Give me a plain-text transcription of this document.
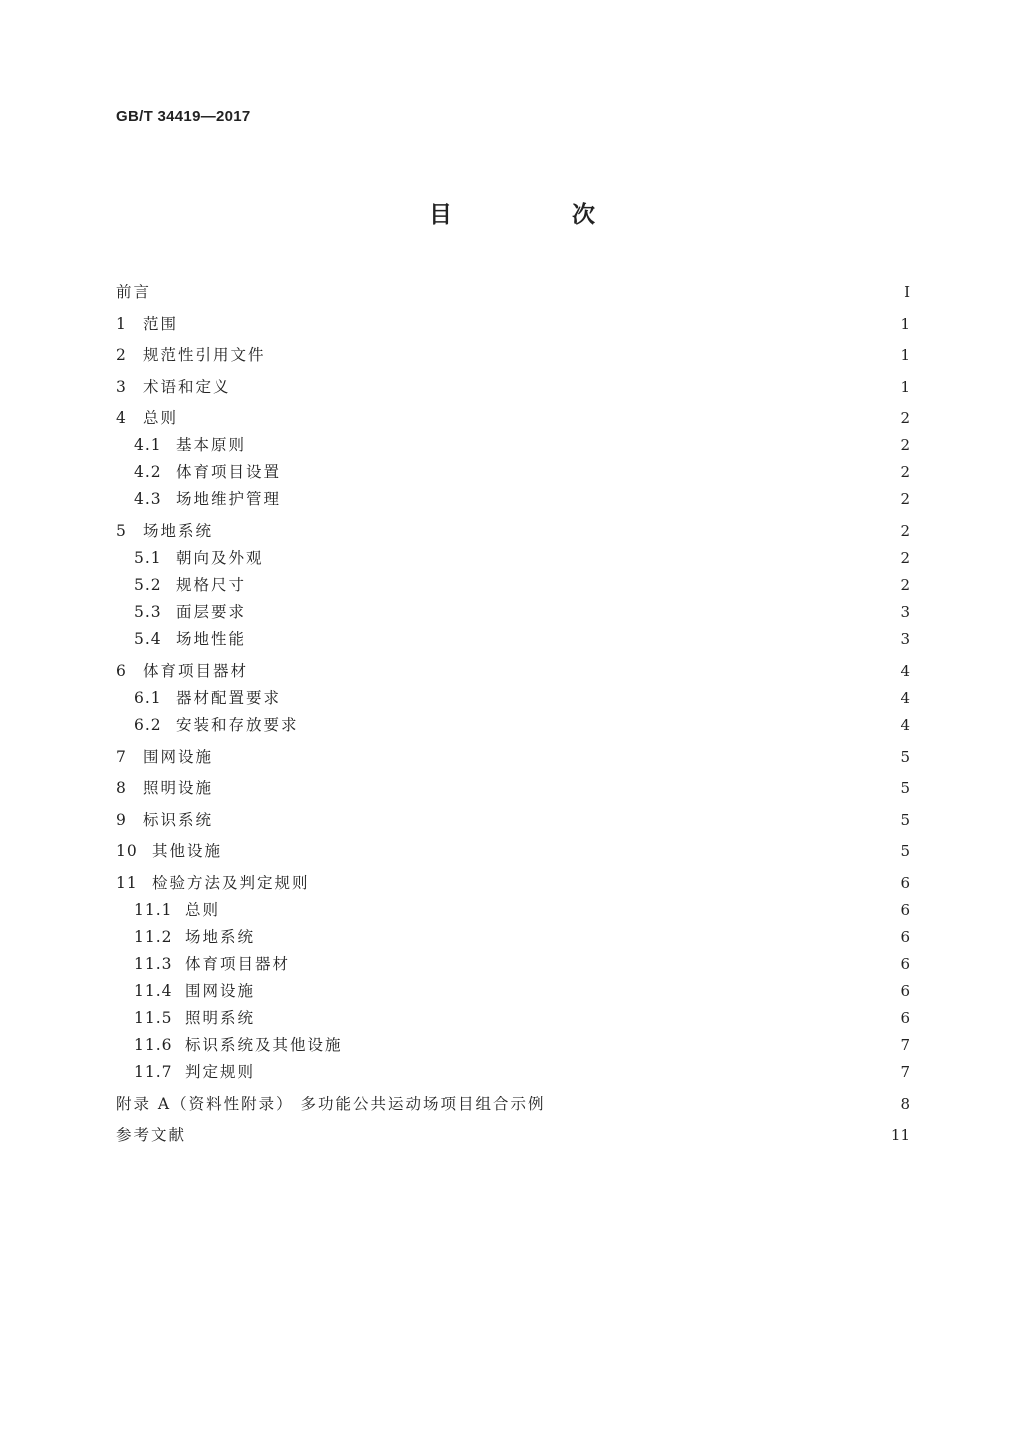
GB/T 34419—2017
目 次
前言	Ⅰ
1	范围	1
2	规范性引用文件	1
3	术语和定义	1
4	总则	2
4.1 基本原则	2
4.2 体育项目设置	2
4.3 场地维护管理	2
5	场地系统	2
5.1 朝向及外观	2
5.2 规格尺寸	2
5.3 面层要求	3
5.4 场地性能	3
6	体育项目器材	4
6.1 器材配置要求	4
6.2 安装和存放要求	4
7	围网设施	5
8	照明设施	5
9	标识系统	5
10 其他设施	5
11 检验方法及判定规则	6
11.1 总则	6
11.2 场地系统	6
11.3 体育项目器材	6
11.4 围网设施	6
11.5 照明系统	6
11.6 标识系统及其他设施	7
11.7 判定规则	7
附录 A（资料性附录） 多功能公共运动场项目组合示例	8
参考文献	11
